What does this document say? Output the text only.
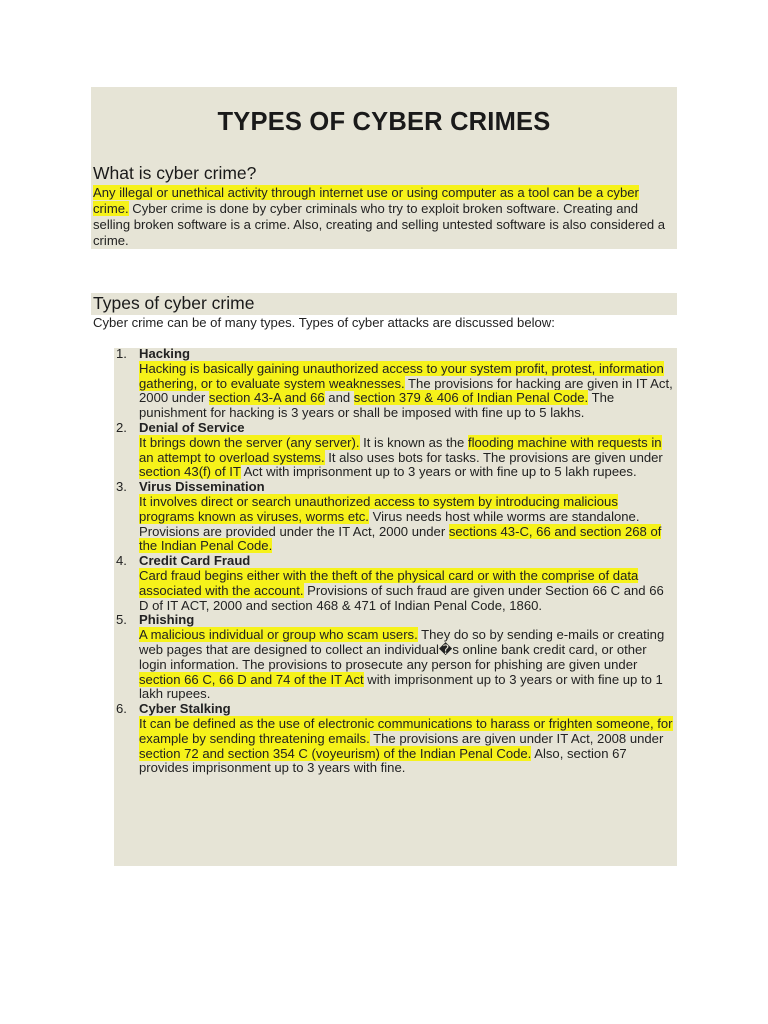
TYPES OF CYBER CRIMES
What is cyber crime?

Any illegal or unethical activity through internet use or using computer as a tool can be a cyber crime. Cyber crime is done by cyber criminals who try to exploit broken software. Creating and selling broken software is a crime. Also, creating and selling untested software is also considered a crime.

Types of cyber crime

Cyber crime can be of many types. Types of cyber attacks are discussed below:

1. Hacking
Hacking is basically gaining unauthorized access to your system profit, protest, information gathering, or to evaluate system weaknesses. The provisions for hacking are given in IT Act, 2000 under section 43-A and 66 and section 379 & 406 of Indian Penal Code. The punishment for hacking is 3 years or shall be imposed with fine up to 5 lakhs.
2. Denial of Service
It brings down the server (any server). It is known as the flooding machine with requests in an attempt to overload systems. It also uses bots for tasks. The provisions are given under section 43(f) of IT Act with imprisonment up to 3 years or with fine up to 5 lakh rupees.
3. Virus Dissemination
It involves direct or search unauthorized access to system by introducing malicious programs known as viruses, worms etc. Virus needs host while worms are standalone. Provisions are provided under the IT Act, 2000 under sections 43-C, 66 and section 268 of the Indian Penal Code.
4. Credit Card Fraud
Card fraud begins either with the theft of the physical card or with the comprise of data associated with the account. Provisions of such fraud are given under Section 66 C and 66 D of IT ACT, 2000 and section 468 & 471 of Indian Penal Code, 1860.
5. Phishing
A malicious individual or group who scam users. They do so by sending e-mails or creating web pages that are designed to collect an individual�s online bank credit card, or other login information. The provisions to prosecute any person for phishing are given under section 66 C, 66 D and 74 of the IT Act with imprisonment up to 3 years or with fine up to 1 lakh rupees.
6. Cyber Stalking
It can be defined as the use of electronic communications to harass or frighten someone, for example by sending threatening emails. The provisions are given under IT Act, 2008 under section 72 and section 354 C (voyeurism) of the Indian Penal Code. Also, section 67 provides imprisonment up to 3 years with fine.
